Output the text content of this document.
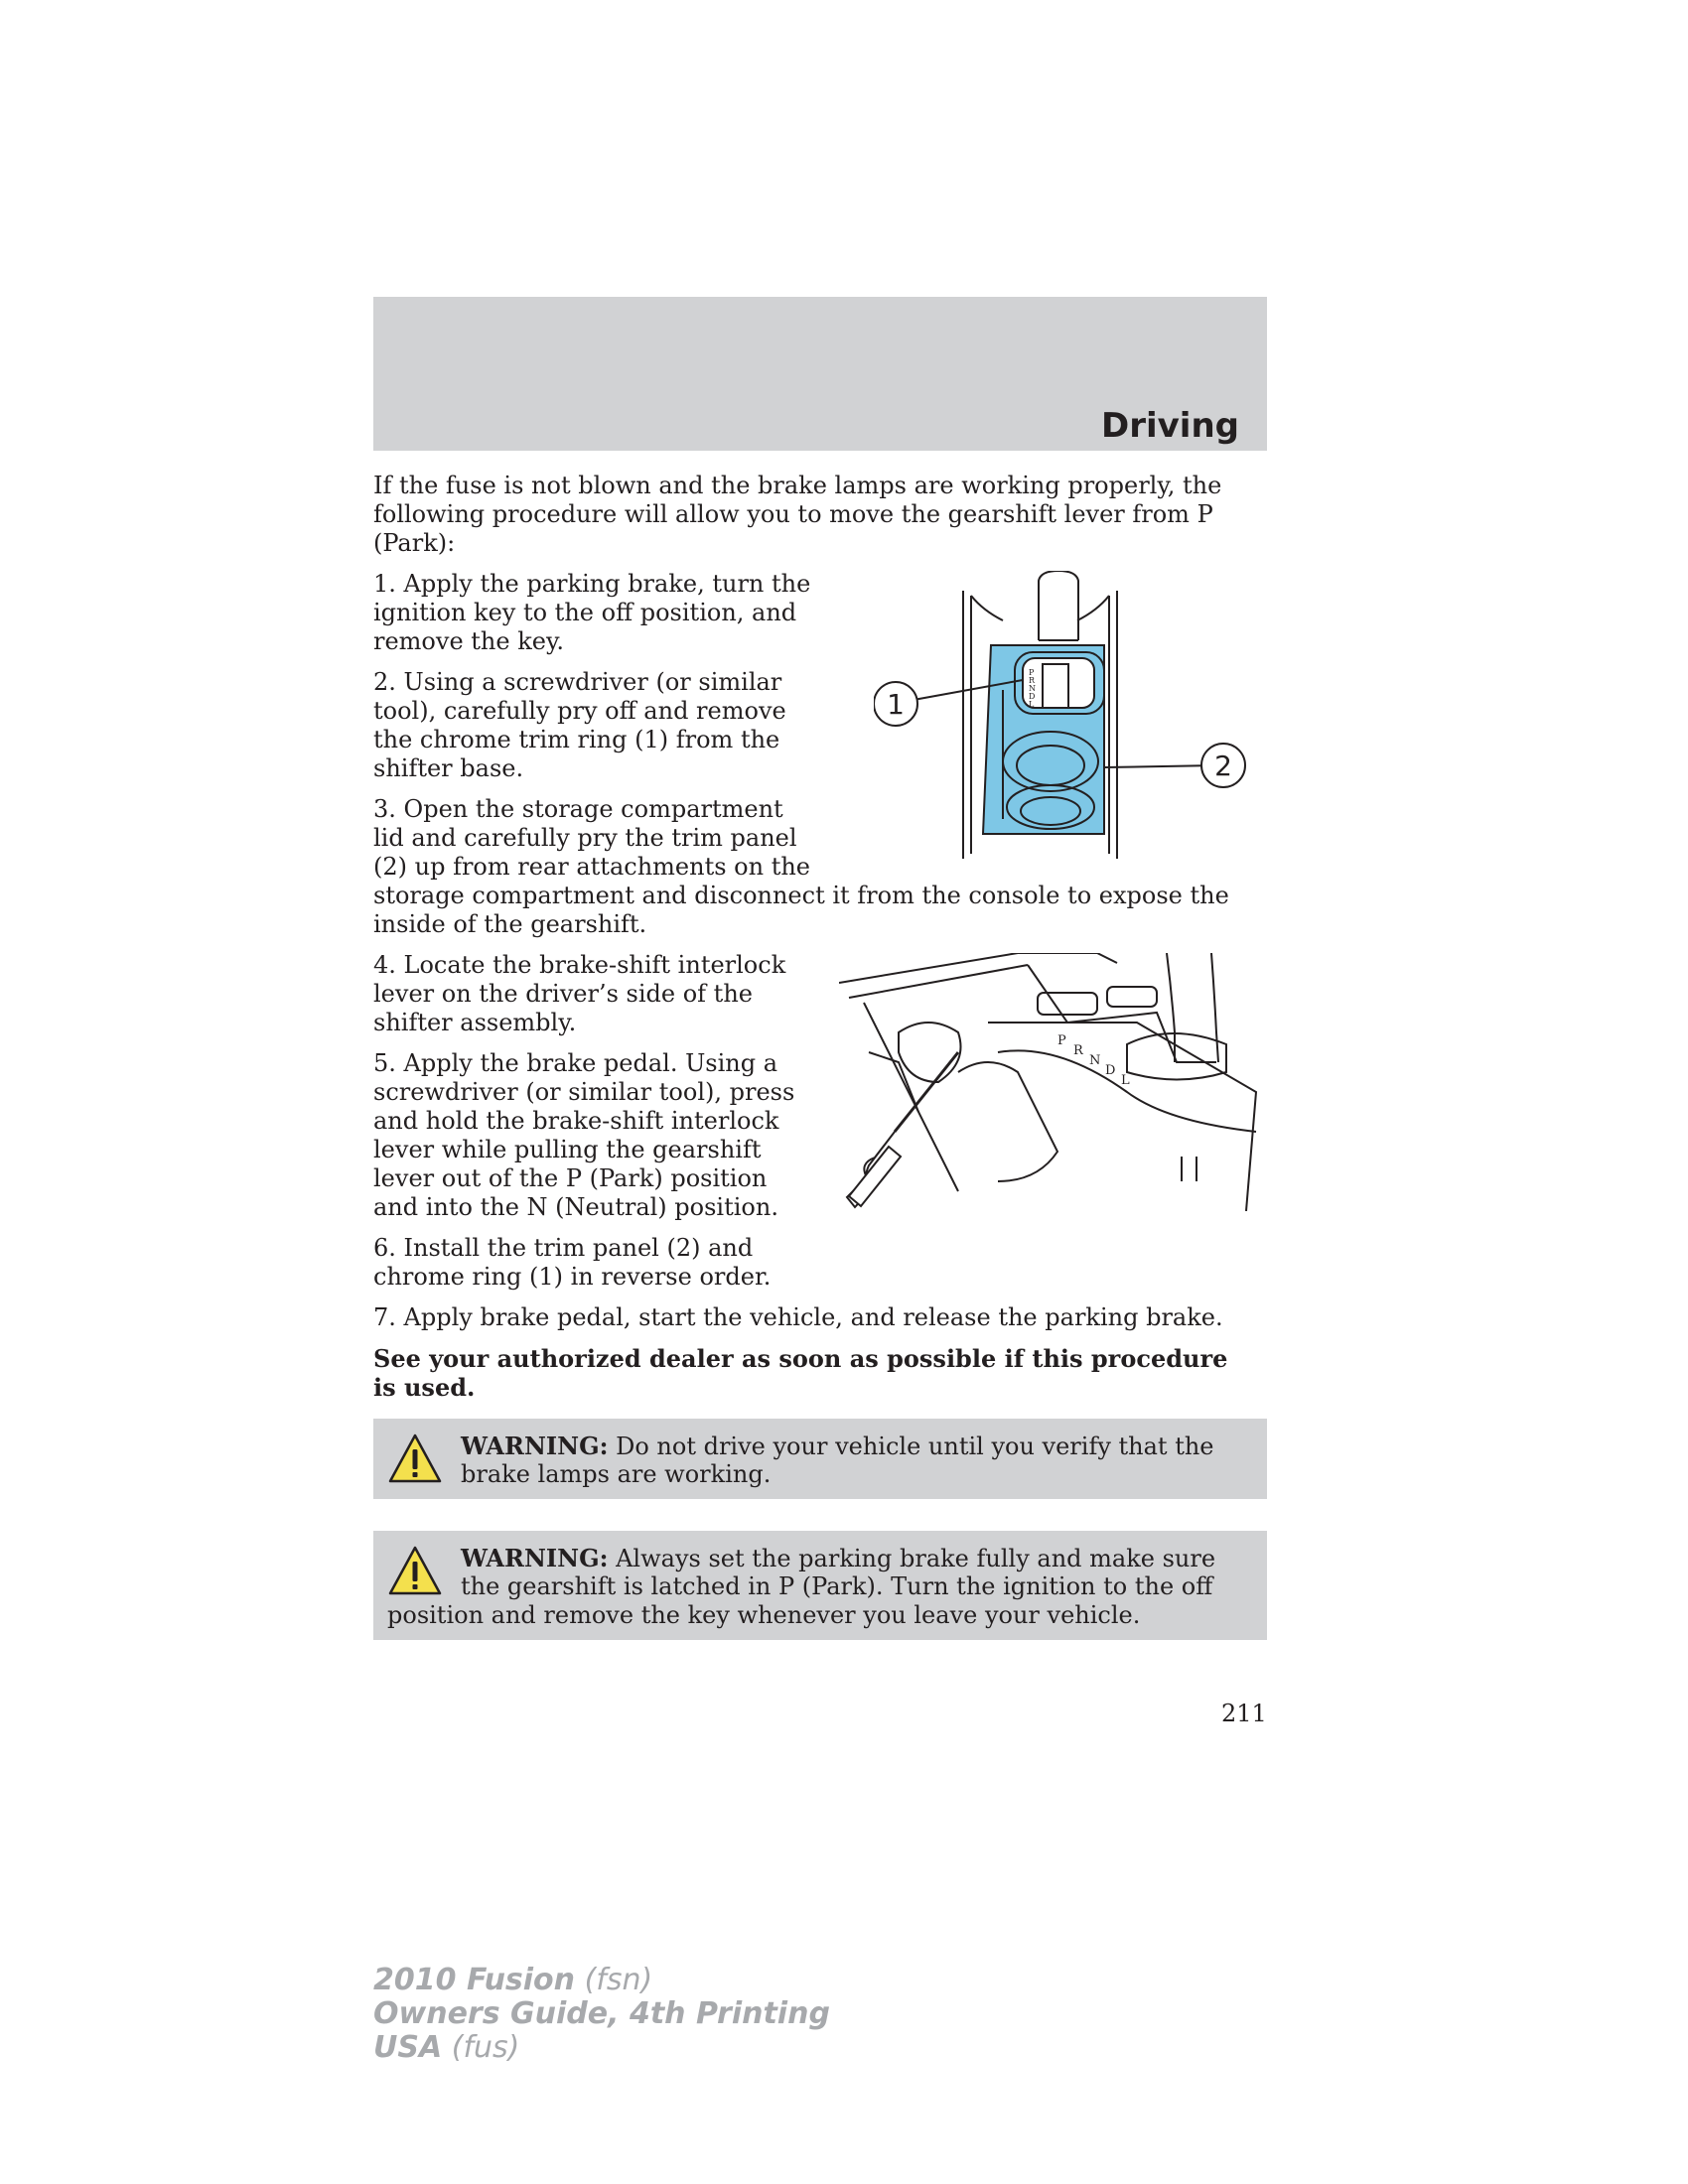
Driving

If the fuse is not blown and the brake lamps are working properly, the

following procedure will allow you to move the gearshift lever from P

(Park):

1. Apply the parking brake, turn the

ignition key to the off position, and

remove the key.

2. Using a screwdriver (or similar

tool), carefully pry off and remove

the chrome trim ring (1) from the

shifter base.

3. Open the storage compartment

lid and carefully pry the trim panel

(2) up from rear attachments on the

storage compartment and disconnect it from the console to expose the

inside of the gearshift.

4. Locate the brake-shift interlock

lever on the driver’s side of the

shifter assembly.

5. Apply the brake pedal. Using a

screwdriver (or similar tool), press

and hold the brake-shift interlock

lever while pulling the gearshift

lever out of the P (Park) position

and into the N (Neutral) position.

6. Install the trim panel (2) and

chrome ring (1) in reverse order.

7. Apply brake pedal, start the vehicle, and release the parking brake.

See your authorized dealer as soon as possible if this procedure

is used.

P
R
N
D
L
1
2
P
R
N
D
L

WARNING: Do not drive your vehicle until you verify that the

brake lamps are working.

WARNING: Always set the parking brake fully and make sure

the gearshift is latched in P (Park). Turn the ignition to the off

position and remove the key whenever you leave your vehicle.

211
2010 Fusion (fsn)
Owners Guide, 4th Printing
USA (fus)
